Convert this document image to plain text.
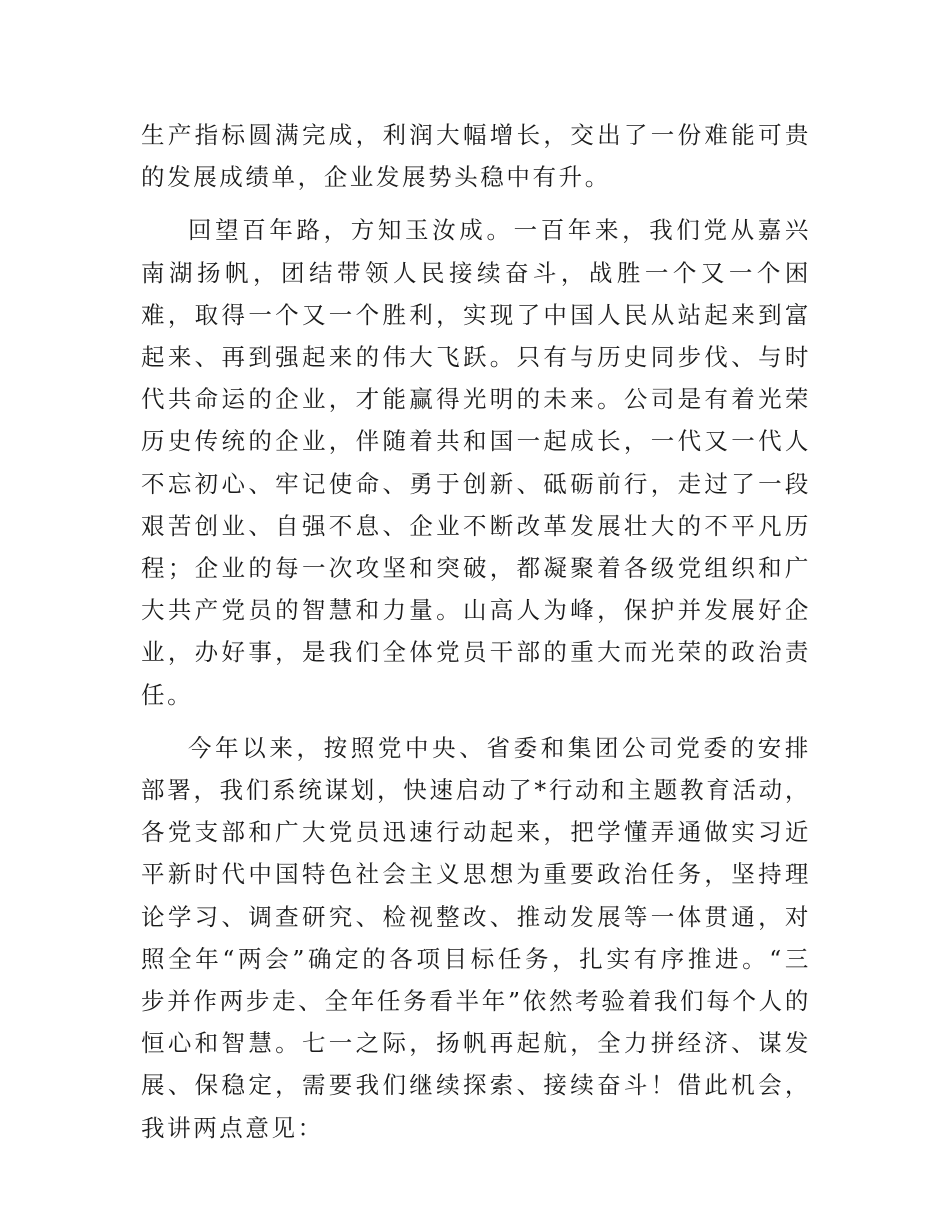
生产指标圆满完成，利润大幅增长，交出了一份难能可贵的发展成绩单，企业发展势头稳中有升。

回望百年路，方知玉汝成。一百年来，我们党从嘉兴南湖扬帆，团结带领人民接续奋斗，战胜一个又一个困难，取得一个又一个胜利，实现了中国人民从站起来到富起来、再到强起来的伟大飞跃。只有与历史同步伐、与时代共命运的企业，才能赢得光明的未来。公司是有着光荣历史传统的企业，伴随着共和国一起成长，一代又一代人不忘初心、牢记使命、勇于创新、砥砺前行，走过了一段艰苦创业、自强不息、企业不断改革发展壮大的不平凡历程；企业的每一次攻坚和突破，都凝聚着各级党组织和广大共产党员的智慧和力量。山高人为峰，保护并发展好企业，办好事，是我们全体党员干部的重大而光荣的政治责任。

今年以来，按照党中央、省委和集团公司党委的安排部署，我们系统谋划，快速启动了*行动和主题教育活动，各党支部和广大党员迅速行动起来，把学懂弄通做实习近平新时代中国特色社会主义思想为重要政治任务，坚持理论学习、调查研究、检视整改、推动发展等一体贯通，对照全年“两会”确定的各项目标任务，扎实有序推进。“三步并作两步走、全年任务看半年”依然考验着我们每个人的恒心和智慧。七一之际，扬帆再起航，全力拼经济、谋发展、保稳定，需要我们继续探索、接续奋斗！借此机会，我讲两点意见：
